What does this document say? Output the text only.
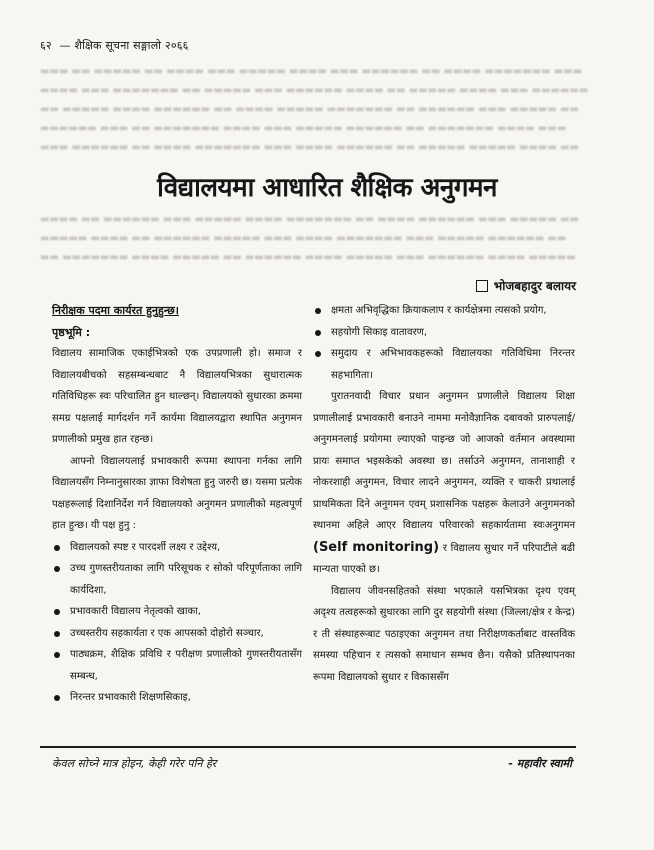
▬▬▬ ▬▬ ▬▬▬▬▬ ▬▬ ▬▬▬▬ ▬▬▬ ▬▬▬▬▬ ▬▬▬▬ ▬▬▬ ▬▬▬▬▬▬ ▬▬ ▬▬▬▬ ▬▬▬▬▬▬▬ ▬▬▬
▬▬▬▬ ▬▬▬ ▬▬▬▬▬▬▬ ▬▬ ▬▬▬▬▬ ▬▬▬ ▬▬▬▬▬▬ ▬▬▬▬ ▬▬ ▬▬▬▬▬ ▬▬▬▬ ▬▬▬ ▬▬▬▬▬▬
▬▬ ▬▬▬▬▬ ▬▬▬▬ ▬▬▬▬▬▬ ▬▬ ▬▬▬▬ ▬▬▬▬▬ ▬▬▬▬▬▬▬ ▬▬ ▬▬▬▬▬▬ ▬▬▬ ▬▬▬▬▬ ▬▬
▬▬▬▬▬▬ ▬▬▬ ▬▬ ▬▬▬▬▬▬▬ ▬▬▬▬ ▬▬▬ ▬▬▬▬▬ ▬▬▬▬▬▬ ▬▬ ▬▬▬▬▬▬▬ ▬▬▬▬ ▬▬▬
▬▬▬ ▬▬▬▬▬▬ ▬▬ ▬▬▬▬ ▬▬▬▬▬▬▬ ▬▬▬ ▬▬▬▬ ▬▬▬▬▬▬ ▬▬ ▬▬▬▬▬ ▬▬▬▬▬ ▬▬▬▬ ▬▬
▬▬▬▬ ▬▬ ▬▬▬▬▬▬ ▬▬▬ ▬▬▬▬▬ ▬▬▬▬ ▬▬▬▬▬▬▬ ▬▬ ▬▬▬▬ ▬▬▬▬▬▬ ▬▬▬ ▬▬▬▬▬ ▬▬
▬▬▬▬▬ ▬▬▬▬ ▬▬ ▬▬▬▬▬▬ ▬▬▬▬▬ ▬▬▬ ▬▬▬▬ ▬▬▬▬▬▬▬ ▬▬▬ ▬▬▬▬▬ ▬▬▬▬▬▬ ▬▬
▬▬ ▬▬▬▬▬▬▬ ▬▬▬▬ ▬▬▬▬▬ ▬▬ ▬▬▬▬▬▬ ▬▬▬▬ ▬▬▬▬▬ ▬▬▬ ▬▬▬▬▬▬ ▬▬▬▬ ▬▬▬▬▬
६२ — शैक्षिक सूचना सङ्गालो २०६६
विद्यालयमा आधारित शैक्षिक अनुगमन
भोजबहादुर बलायर

निरीक्षक पदमा कार्यरत हुनुहुन्छ।

पृष्ठभूमि :

विद्यालय सामाजिक एकाईभित्रको एक उपप्रणाली हो। समाज र विद्यालयबीचको सहसम्बन्धबाट नै विद्यालयभित्रका सुधारात्मक गतिविधिहरू स्वः परिचालित हुन थाल्छन्। विद्यालयको सुधारका क्रममा समग्र पक्षलाई मार्गदर्शन गर्ने कार्यमा विद्यालयद्वारा स्थापित अनुगमन प्रणालीको प्रमुख हात रहन्छ।

आफ्नो विद्यालयलाई प्रभावकारी रूपमा स्थापना गर्नका लागि विद्यालयसँग निम्नानुसारका ज्ञाफा विशेषता हुनु जरुरी छ। यसमा प्रत्येक पक्षहरूलाई दिशानिर्देश गर्न विद्यालयको अनुगमन प्रणालीको महत्वपूर्ण हात हुन्छ। यी पक्ष हुनु :

विद्यालयको स्पष्ट र पारदर्शी लक्ष्य र उद्देश्य,
उच्च गुणस्तरीयताका लागि परिसूचक र सोको परिपूर्णताका लागि कार्यदिशा,
प्रभावकारी विद्यालय नेतृत्वको खाका,
उच्चस्तरीय सहकार्यता र एक आपसको दोहोरो सञ्चार,
पाठ्यक्रम, शैक्षिक प्रविधि र परीक्षण प्रणालीको गुणस्तरीयतासँग सम्बन्ध,
निरन्तर प्रभावकारी शिक्षणसिकाइ,
क्षमता अभिवृद्धिका क्रियाकलाप र कार्यक्षेत्रमा त्यसको प्रयोग,
सहयोगी सिकाइ वातावरण,
समुदाय र अभिभावकहरूको विद्यालयका गतिविधिमा निरन्तर सहभागिता।

पुरातनवादी विचार प्रधान अनुगमन प्रणालीले विद्यालय शिक्षा प्रणालीलाई प्रभावकारी बनाउने नाममा मनोवैज्ञानिक दबावको प्रारुपलाई/अनुगमनलाई प्रयोगमा ल्याएको पाइन्छ जो आजको वर्तमान अवस्थामा प्रायः समाप्त भइसकेको अवस्था छ। तर्साउने अनुगमन, तानाशाही र नोकरशाही अनुगमन, विचार लादने अनुगमन, व्यक्ति र चाकरी प्रथालाई प्राथमिकता दिने अनुगमन एवम् प्रशासनिक पक्षहरू केलाउने अनुगमनको स्थानमा अहिले आएर विद्यालय परिवारको सहकार्यतामा स्वःअनुगमन (Self monitoring) र विद्यालय सुधार गर्ने परिपाटीले बढी मान्यता पाएको छ।

विद्यालय जीवनसहितको संस्था भएकाले यसभित्रका दृश्य एवम् अदृश्य तत्वहरूको सुधारका लागि दुर सहयोगी संस्था (जिल्ला/क्षेत्र र केन्द्र) र ती संस्थाहरूबाट पठाइएका अनुगमन तथा निरीक्षणकर्ताबाट वास्तविक समस्या पहिचान र त्यसको समाधान सम्भव छैन। यसैको प्रतिस्थापनका रूपमा विद्यालयको सुधार र विकाससँग

केवल सोच्ने मात्र होइन, केही गरेर पनि हेर	- महावीर स्वामी
